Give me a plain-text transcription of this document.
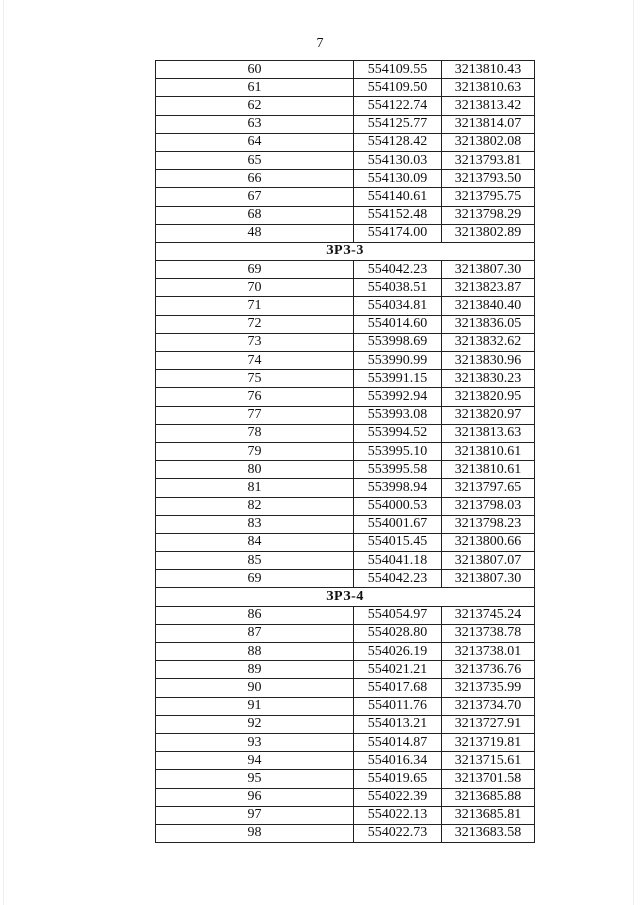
7
60	554109.55	3213810.43
61	554109.50	3213810.63
62	554122.74	3213813.42
63	554125.77	3213814.07
64	554128.42	3213802.08
65	554130.03	3213793.81
66	554130.09	3213793.50
67	554140.61	3213795.75
68	554152.48	3213798.29
48	554174.00	3213802.89
ЗРЗ-3		
69	554042.23	3213807.30
70	554038.51	3213823.87
71	554034.81	3213840.40
72	554014.60	3213836.05
73	553998.69	3213832.62
74	553990.99	3213830.96
75	553991.15	3213830.23
76	553992.94	3213820.95
77	553993.08	3213820.97
78	553994.52	3213813.63
79	553995.10	3213810.61
80	553995.58	3213810.61
81	553998.94	3213797.65
82	554000.53	3213798.03
83	554001.67	3213798.23
84	554015.45	3213800.66
85	554041.18	3213807.07
69	554042.23	3213807.30
ЗРЗ-4		
86	554054.97	3213745.24
87	554028.80	3213738.78
88	554026.19	3213738.01
89	554021.21	3213736.76
90	554017.68	3213735.99
91	554011.76	3213734.70
92	554013.21	3213727.91
93	554014.87	3213719.81
94	554016.34	3213715.61
95	554019.65	3213701.58
96	554022.39	3213685.88
97	554022.13	3213685.81
98	554022.73	3213683.58
